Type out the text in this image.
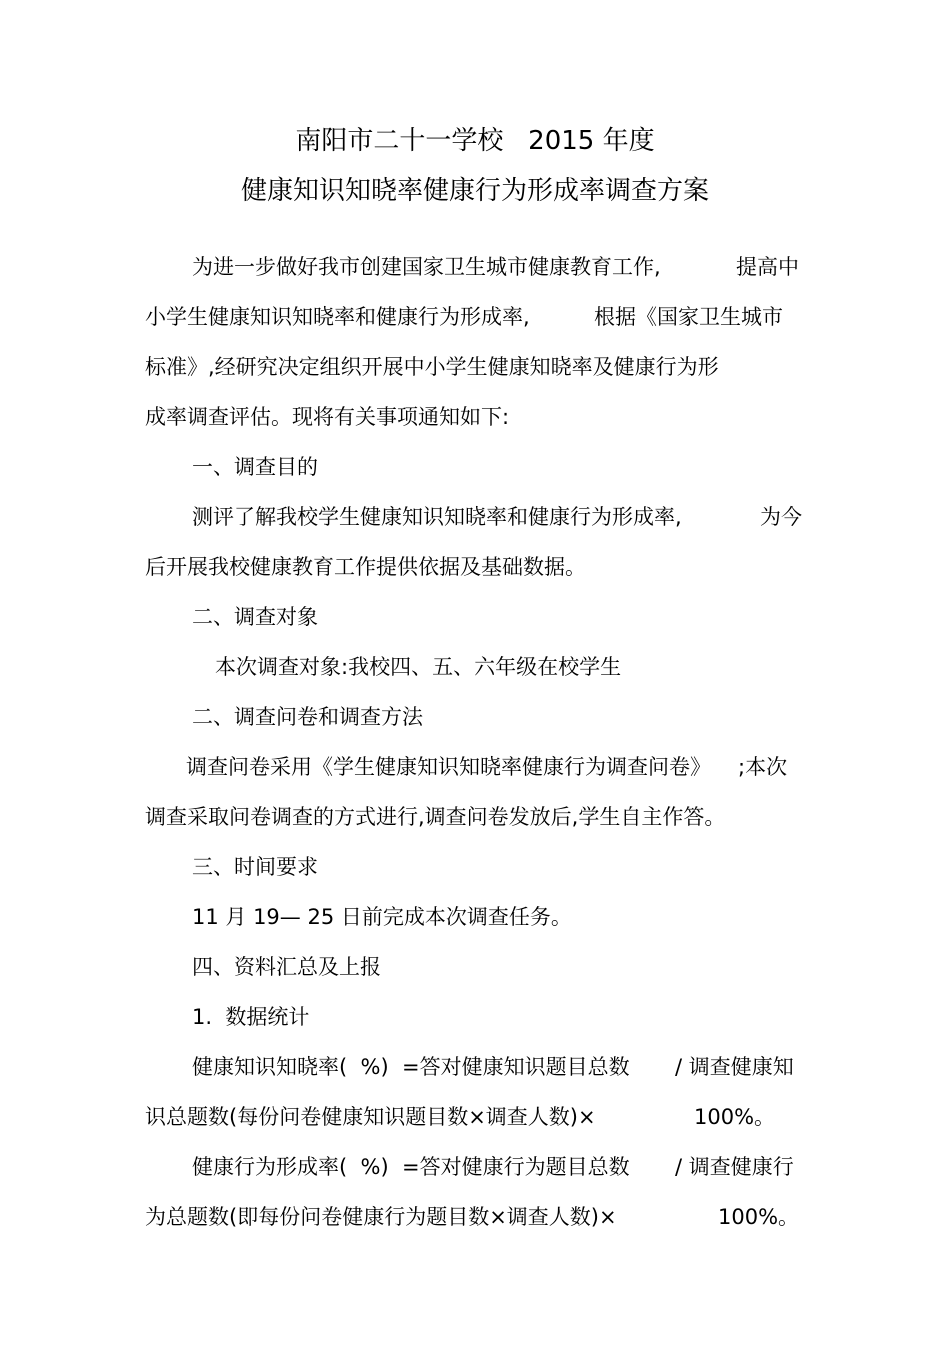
南阳市二十一学校   2015 年度
健康知识知晓率健康行为形成率调查方案
为进一步做好我市创建国家卫生城市健康教育工作,	提高中
小学生健康知识知晓率和健康行为形成率,	根据《国家卫生城市
标准》,经研究决定组织开展中小学生健康知晓率及健康行为形
成率调查评估。现将有关事项通知如下:
一、调查目的
测评了解我校学生健康知识知晓率和健康行为形成率,	为今
后开展我校健康教育工作提供依据及基础数据。
二、调查对象
本次调查对象:我校四、五、六年级在校学生
二、调查问卷和调查方法
调查问卷采用《学生健康知识知晓率健康行为调查问卷》 ;本次
调查采取问卷调查的方式进行,调查问卷发放后,学生自主作答。
三、时间要求
11 月 19— 25 日前完成本次调查任务。
四、资料汇总及上报
1.  数据统计
健康知识知晓率(  %)  =答对健康知识题目总数 / 调查健康知
识总题数(每份问卷健康知识题目数×调查人数)×	100%。
健康行为形成率(  %)  =答对健康行为题目总数 / 调查健康行
为总题数(即每份问卷健康行为题目数×调查人数)×	100%。
